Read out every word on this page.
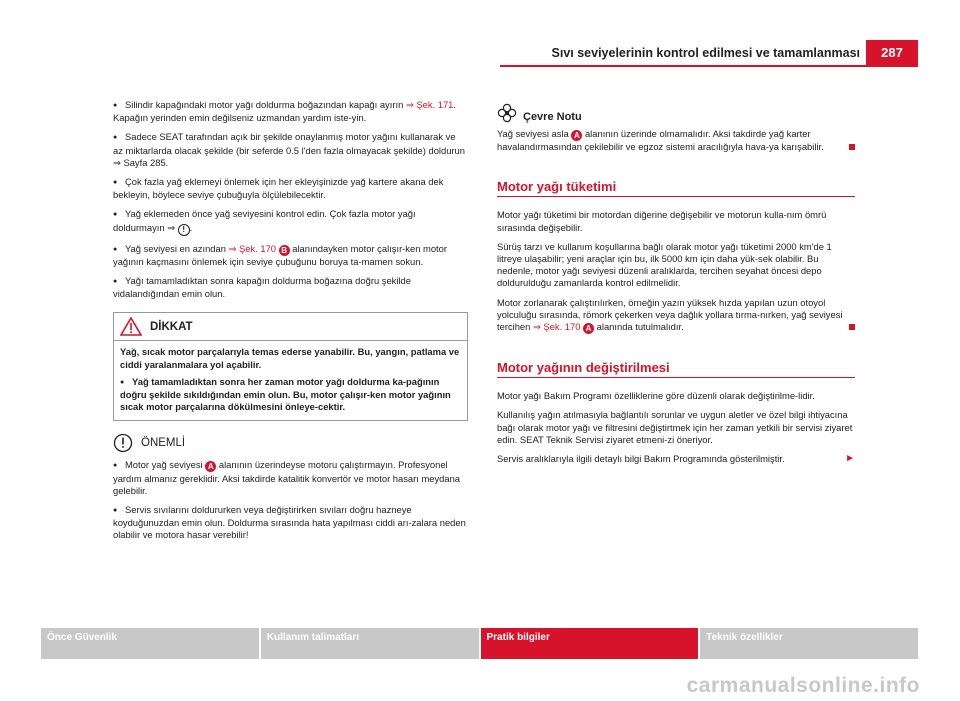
Sıvı seviyelerinin kontrol edilmesi ve tamamlanması	287

● Silindir kapağındaki motor yağı doldurma boğazından kapağı ayırın ⇒ Şek. 171. Kapağın yerinden emin değilseniz uzmandan yardım iste-yin.

● Sadece SEAT tarafından açık bir şekilde onaylanmış motor yağını kullanarak ve az miktarlarda olacak şekilde (bir seferde 0.5 l'den fazla olmayacak şekilde) doldurun ⇒ Sayfa 285.

● Çok fazla yağ eklemeyi önlemek için her ekleyişinizde yağ kartere akana dek bekleyin, böylece seviye çubuğuyla ölçülebilecektir.

● Yağ eklemeden önce yağ seviyesini kontrol edin. Çok fazla motor yağı doldurmayın ⇒ ! .

● Yağ seviyesi en azından ⇒ Şek. 170 B alanındayken motor çalışır-ken motor yağının kaçmasını önlemek için seviye çubuğunu boruya ta-mamen sokun.

● Yağı tamamladıktan sonra kapağın doldurma boğazına doğru şekilde vidalandığından emin olun.

DİKKAT

Yağ, sıcak motor parçalarıyla temas ederse yanabilir. Bu, yangın, patlama ve ciddi yaralanmalara yol açabilir.

● Yağ tamamladıktan sonra her zaman motor yağı doldurma ka-pağının doğru şekilde sıkıldığından emin olun. Bu, motor çalışır-ken motor yağının sıcak motor parçalarına dökülmesini önleye-cektir.

ÖNEMLİ

● Motor yağ seviyesi A alanının üzerindeyse motoru çalıştırmayın. Profesyonel yardım almanız gereklidir. Aksi takdirde katalitik konvertör ve motor hasarı meydana gelebilir.

● Servis sıvılarını doldururken veya değiştirirken sıvıları doğru hazneye koyduğunuzdan emin olun. Doldurma sırasında hata yapılması ciddi arı-zalara neden olabilir ve motora hasar verebilir!

Çevre Notu

Yağ seviyesi asla A alanının üzerinde olmamalıdır. Aksi takdirde yağ karter havalandırmasından çekilebilir ve egzoz sistemi aracılığıyla hava-ya karışabilir.

Motor yağı tüketimi

Motor yağı tüketimi bir motordan diğerine değişebilir ve motorun kulla-nım ömrü sırasında değişebilir.

Sürüş tarzı ve kullanım koşullarına bağlı olarak motor yağı tüketimi 2000 km'de 1 litreye ulaşabilir; yeni araçlar için bu, ilk 5000 km için daha yük-sek olabilir. Bu nedenle, motor yağı seviyesi düzenli aralıklarda, tercihen seyahat öncesi depo doldurulduğu zamanlarda kontrol edilmelidir.

Motor zorlanarak çalıştırılırken, örneğin yazın yüksek hızda yapılan uzun otoyol yolculuğu sırasında, römork çekerken veya dağlık yollara tırma-nırken, yağ seviyesi tercihen ⇒ Şek. 170 A alanında tutulmalıdır.

Motor yağının değiştirilmesi

Motor yağı Bakım Programı özelliklerine göre düzenli olarak değiştirilme-lidir.

Kullanılış yağın atılmasıyla bağlantılı sorunlar ve uygun aletler ve özel bilgi ihtiyacına bağı olarak motor yağı ve filtresini değiştirtmek için her zaman yetkili bir servisi ziyaret edin. SEAT Teknik Servisi ziyaret etmeni-zi öneriyor.

Servis aralıklarıyla ilgili detaylı bilgi Bakım Programında gösterilmiştir.	►

Önce Güvenlik	Kullanım talimatları	Pratik bilgiler	Teknik özellikler
carmanualsonline.info
